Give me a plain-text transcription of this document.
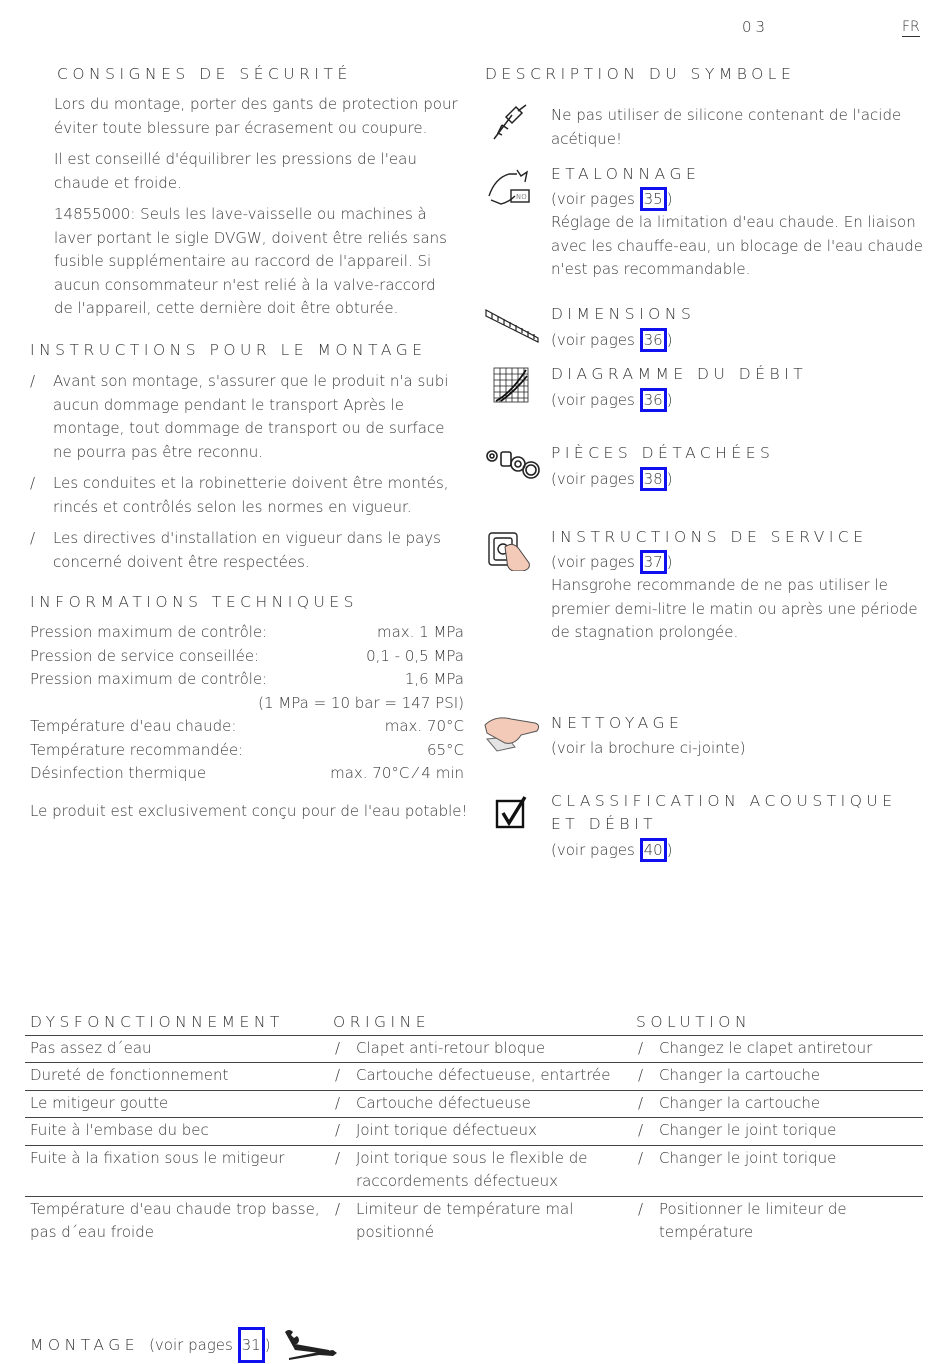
03	FR
CONSIGNES DE SÉCURITÉ

Lors du montage, porter des gants de protection pour éviter toute blessure par écrasement ou coupure.

Il est conseillé d'équilibrer les pressions de l'eau chaude et froide.

14855000: Seuls les lave-vaisselle ou machines à laver portant le sigle DVGW, doivent être reliés sans fusible supplémentaire au raccord de l'appareil. Si aucun consommateur n'est relié à la valve-raccord de l'appareil, cette dernière doit être obturée.

INSTRUCTIONS POUR LE MONTAGE
/ Avant son montage, s'assurer que le produit n'a subi aucun dommage pendant le transport Après le montage, tout dommage de transport ou de surface ne pourra pas être reconnu.
/ Les conduites et la robinetterie doivent être montés, rincés et contrôlés selon les normes en vigueur.
/ Les directives d'installation en vigueur dans le pays concerné doivent être respectées.
INFORMATIONS TECHNIQUES
Pression maximum de contrôle:	max. 1 MPa
Pression de service conseillée:	0,1 - 0,5 MPa
Pression maximum de contrôle:	1,6 MPa
(1 MPa = 10 bar = 147 PSI)
Température d'eau chaude:	max. 70°C
Température recommandée:	65°C
Désinfection thermique	max. 70°C ⁄ 4 min
Le produit est exclusivement conçu pour de l'eau potable!
DESCRIPTION DU SYMBOLE
Ne pas utiliser de silicone contenant de l'acide acétique!
NO
ETALONNAGE
(voir pages 35 )
Réglage de la limitation d'eau chaude. En liaison avec les chauffe-eau, un blocage de l'eau chaude n'est pas recommandable.
DIMENSIONS
(voir pages 36 )
DIAGRAMME DU DÉBIT
(voir pages 36 )
PIÈCES DÉTACHÉES
(voir pages 38 )
INSTRUCTIONS DE SERVICE
(voir pages 37 )
Hansgrohe recommande de ne pas utiliser le premier demi-litre le matin ou après une période de stagnation prolongée.
NETTOYAGE
(voir la brochure ci-jointe)
CLASSIFICATION ACOUSTIQUE
ET DÉBIT
(voir pages 40 )
DYSFONCTIONNEMENT	ORIGINE	SOLUTION
Pas assez d´eau	/ Clapet anti-retour bloque	/ Changez le clapet antiretour

Dureté de fonctionnement	/ Cartouche défectueuse, entartrée	/ Changer la cartouche

Le mitigeur goutte	/ Cartouche défectueuse	/ Changer la cartouche

Fuite à l'embase du bec	/ Joint torique défectueux	/ Changer le joint torique

Fuite à la fixation sous le mitigeur	/ Joint torique sous le flexible de raccordements défectueux	/ Changer le joint torique

Température d'eau chaude trop basse, pas d´eau froide	/ Limiteur de température mal positionné	/ Positionner le limiteur de température
MONTAGE (voir pages
31 )
